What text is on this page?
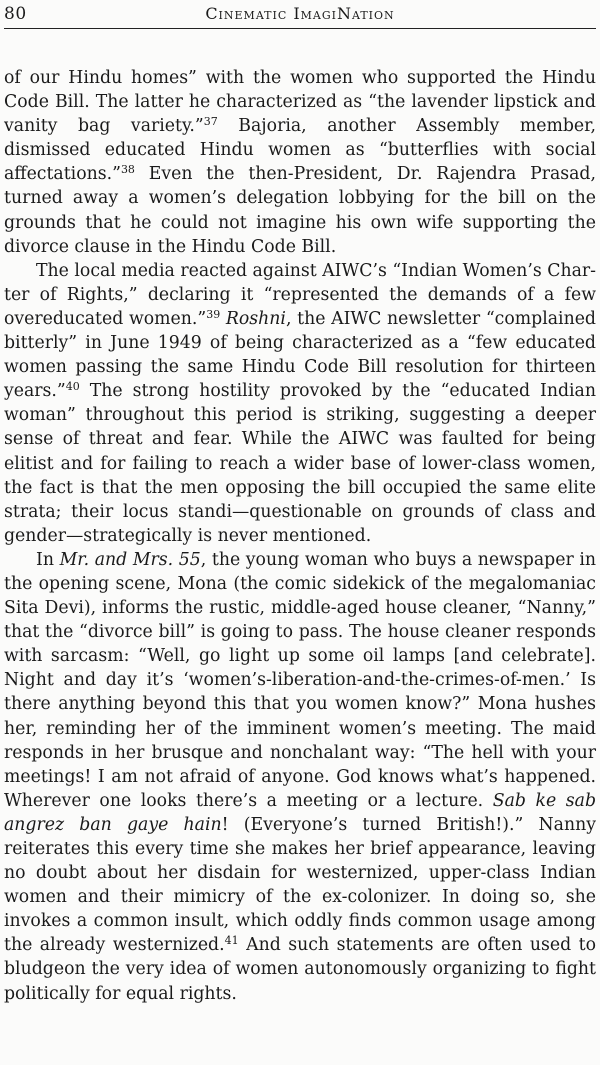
80	Cinematic ImagiNation

of our Hindu homes” with the women who supported the Hindu Code Bill. The latter he characterized as “the lavender lipstick and vanity bag variety.”$^{37}$ Bajoria, another Assembly member, dismissed educated Hindu women as “butterflies with social affectations.”$^{38}$ Even the then-President, Dr. Rajendra Prasad, turned away a women’s delegation lobbying for the bill on the grounds that he could not imagine his own wife supporting the divorce clause in the Hindu Code Bill.

The local media reacted against AIWC’s “Indian Women’s Charter of Rights,” declaring it “represented the demands of a few overeducated women.”$^{39}$ Roshni, the AIWC newsletter “complained bitterly” in June 1949 of being characterized as a “few educated women passing the same Hindu Code Bill resolution for thirteen years.”$^{40}$ The strong hostility provoked by the “educated Indian woman” throughout this period is striking, suggesting a deeper sense of threat and fear. While the AIWC was faulted for being elitist and for failing to reach a wider base of lower-class women, the fact is that the men opposing the bill occupied the same elite strata; their locus standi—questionable on grounds of class and gender—strategically is never mentioned.

In Mr. and Mrs. 55, the young woman who buys a newspaper in the opening scene, Mona (the comic sidekick of the megalomaniac Sita Devi), informs the rustic, middle-aged house cleaner, “Nanny,” that the “divorce bill” is going to pass. The house cleaner responds with sarcasm: “Well, go light up some oil lamps [and celebrate]. Night and day it’s ‘women’s-liberation-and-the-crimes-of-men.’ Is there anything beyond this that you women know?” Mona hushes her, reminding her of the imminent women’s meeting. The maid responds in her brusque and nonchalant way: “The hell with your meetings! I am not afraid of anyone. God knows what’s happened. Wherever one looks there’s a meeting or a lecture. Sab ke sab angrez ban gaye hain! (Everyone’s turned British!).” Nanny reiterates this every time she makes her brief appearance, leaving no doubt about her disdain for westernized, upper-class Indian women and their mimicry of the ex-colonizer. In doing so, she invokes a common insult, which oddly finds common usage among the already westernized.$^{41}$ And such statements are often used to bludgeon the very idea of women autonomously organizing to fight politically for equal rights.
